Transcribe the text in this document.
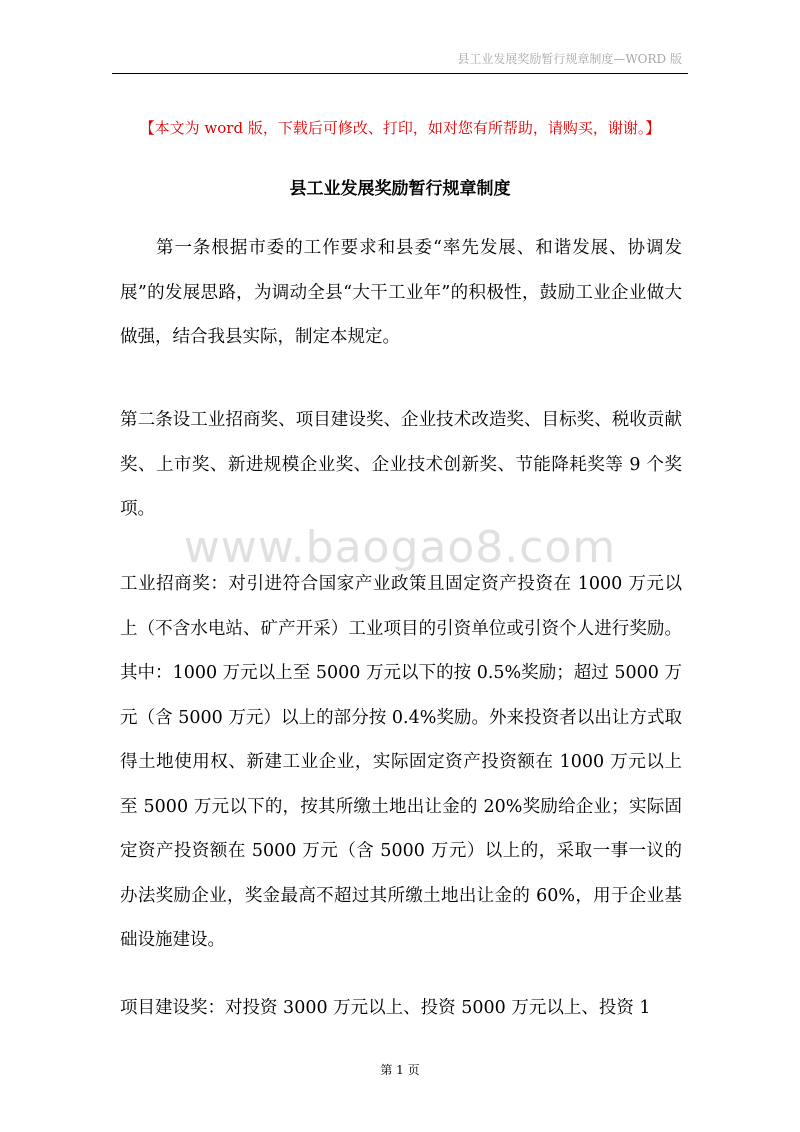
县工业发展奖励暂行规章制度—WORD 版
【本文为 word 版，下载后可修改、打印，如对您有所帮助，请购买，谢谢。】
县工业发展奖励暂行规章制度

第一条根据市委的工作要求和县委“率先发展、和谐发展、协调发展”的发展思路，为调动全县“大干工业年”的积极性，鼓励工业企业做大做强，结合我县实际，制定本规定。

第二条设工业招商奖、项目建设奖、企业技术改造奖、目标奖、税收贡献奖、上市奖、新进规模企业奖、企业技术创新奖、节能降耗奖等 9 个奖项。

工业招商奖：对引进符合国家产业政策且固定资产投资在 1000 万元以上（不含水电站、矿产开采）工业项目的引资单位或引资个人进行奖励。其中：1000 万元以上至 5000 万元以下的按 0.5%奖励；超过 5000 万元（含 5000 万元）以上的部分按 0.4%奖励。外来投资者以出让方式取得土地使用权、新建工业企业，实际固定资产投资额在 1000 万元以上至 5000 万元以下的，按其所缴土地出让金的 20%奖励给企业；实际固定资产投资额在 5000 万元（含 5000 万元）以上的，采取一事一议的办法奖励企业，奖金最高不超过其所缴土地出让金的 60%，用于企业基础设施建设。

项目建设奖：对投资 3000 万元以上、投资 5000 万元以上、投资 1

www.baogao8.com
第 1 页
